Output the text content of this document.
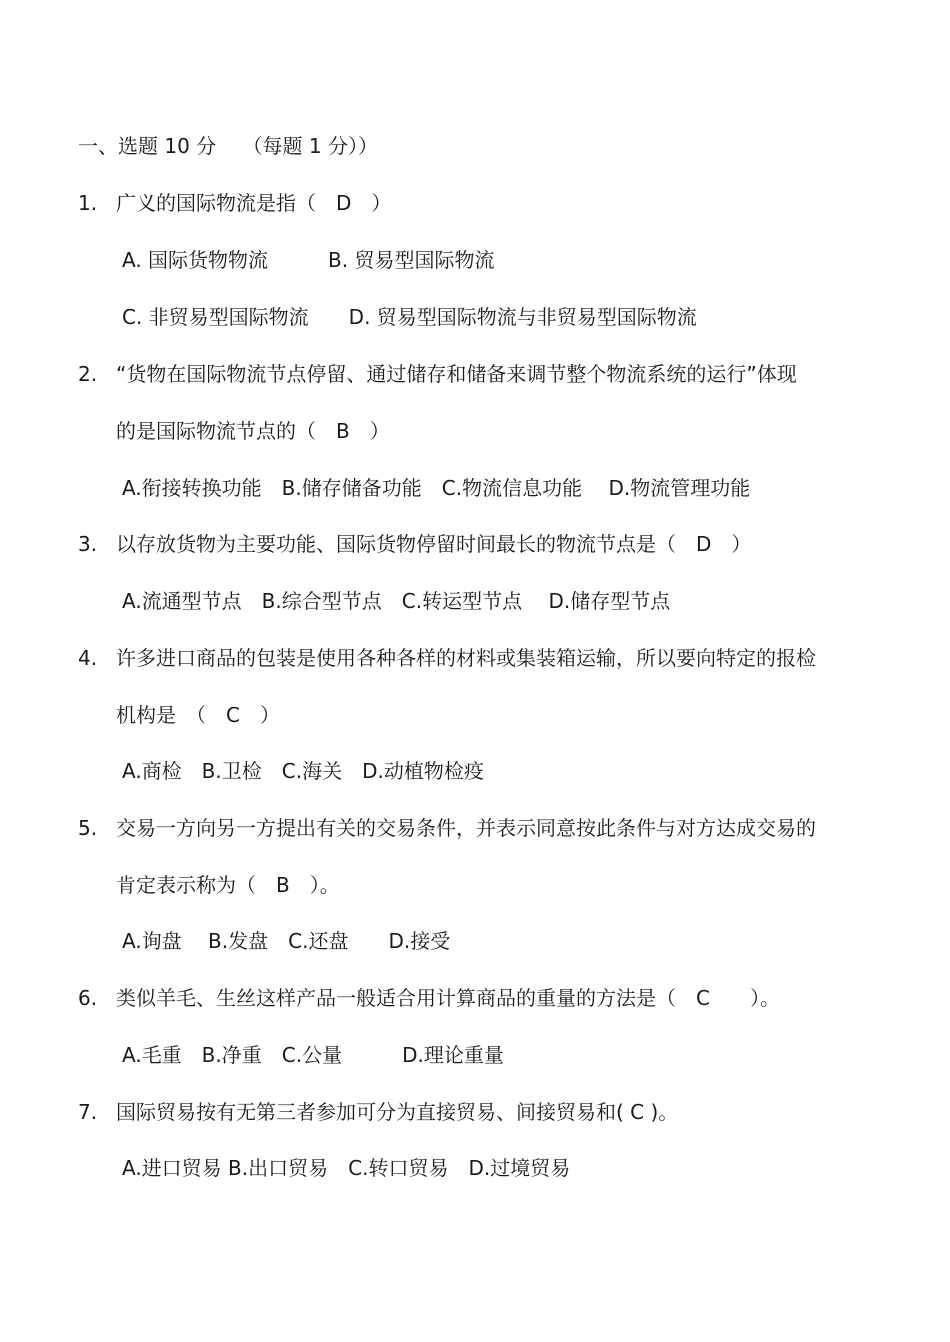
一、选题 10 分　 （每题 1 分））
1. 广义的国际物流是指（　D　）
A. 国际货物物流　　　B. 贸易型国际物流
C. 非贸易型国际物流　　D. 贸易型国际物流与非贸易型国际物流
2. “货物在国际物流节点停留、通过储存和储备来调节整个物流系统的运行”体现
的是国际物流节点的（　B　）
A.衔接转换功能　B.储存储备功能　C.物流信息功能　 D.物流管理功能
3. 以存放货物为主要功能、国际货物停留时间最长的物流节点是（　D　）
A.流通型节点　B.综合型节点　C.转运型节点　 D.储存型节点
4. 许多进口商品的包装是使用各种各样的材料或集装箱运输，所以要向特定的报检
机构是　（　C　）
A.商检　B.卫检　C.海关　D.动植物检疫
5. 交易一方向另一方提出有关的交易条件，并表示同意按此条件与对方达成交易的
肯定表示称为（　B　）。
A.询盘　 B.发盘　C.还盘　　D.接受
6. 类似羊毛、生丝这样产品一般适合用计算商品的重量的方法是（　C　　）。
A.毛重　B.净重　C.公量　　　D.理论重量
7. 国际贸易按有无第三者参加可分为直接贸易、间接贸易和( C )。
A.进口贸易 B.出口贸易　C.转口贸易　D.过境贸易
